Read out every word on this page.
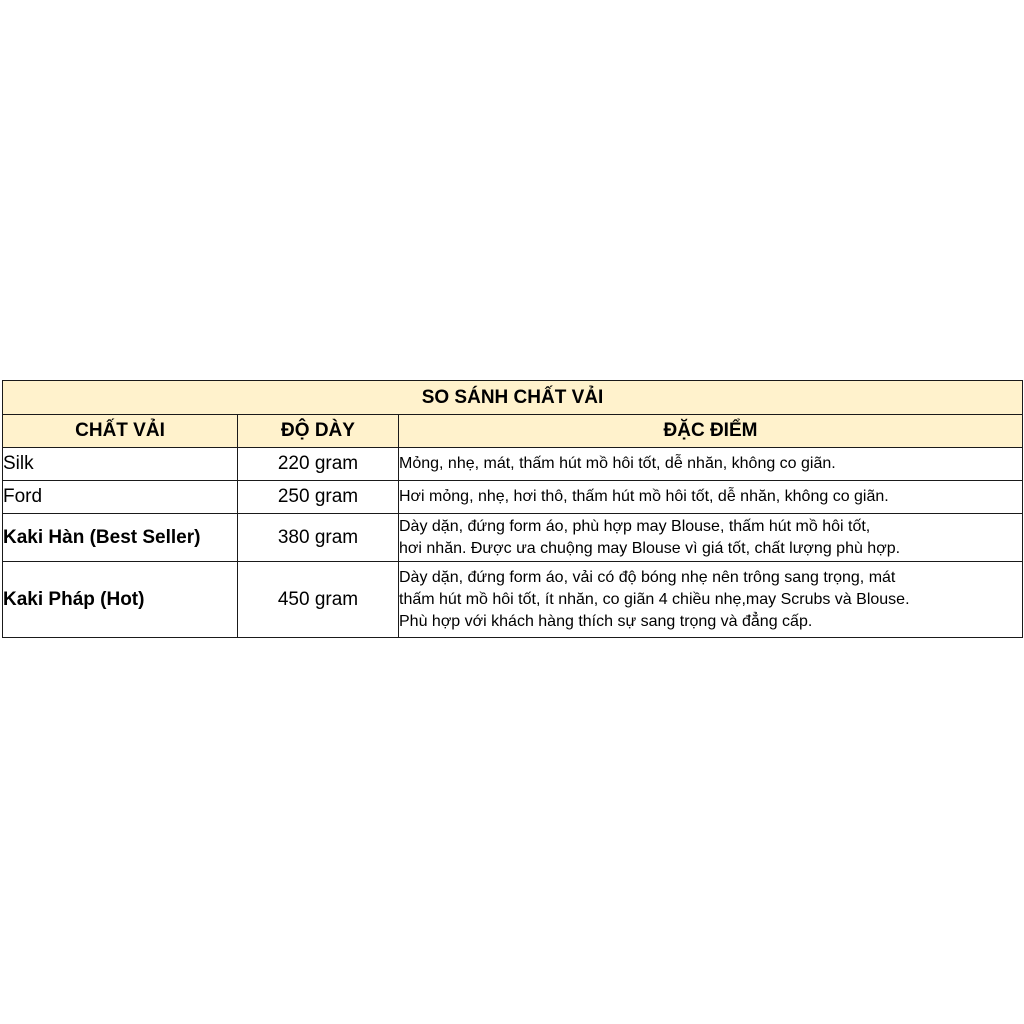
SO SÁNH CHẤT VẢI		
CHẤT VẢI	ĐỘ DÀY	ĐẶC ĐIỂM
Silk	220 gram	Mỏng, nhẹ, mát, thấm hút mồ hôi tốt, dễ nhăn, không co giãn.

Ford	250 gram	Hơi mỏng, nhẹ, hơi thô, thấm hút mồ hôi tốt, dễ nhăn, không co giãn.

Kaki Hàn (Best Seller)	380 gram	Dày dặn, đứng form áo, phù hợp may Blouse, thấm hút mồ hôi tốt,
hơi nhăn. Được ưa chuộng may Blouse vì giá tốt, chất lượng phù hợp.

Kaki Pháp (Hot)	450 gram	Dày dặn, đứng form áo, vải có độ bóng nhẹ nên trông sang trọng, mát
thấm hút mồ hôi tốt, ít nhăn, co giãn 4 chiều nhẹ,may Scrubs và Blouse.
Phù hợp với khách hàng thích sự sang trọng và đẳng cấp.
